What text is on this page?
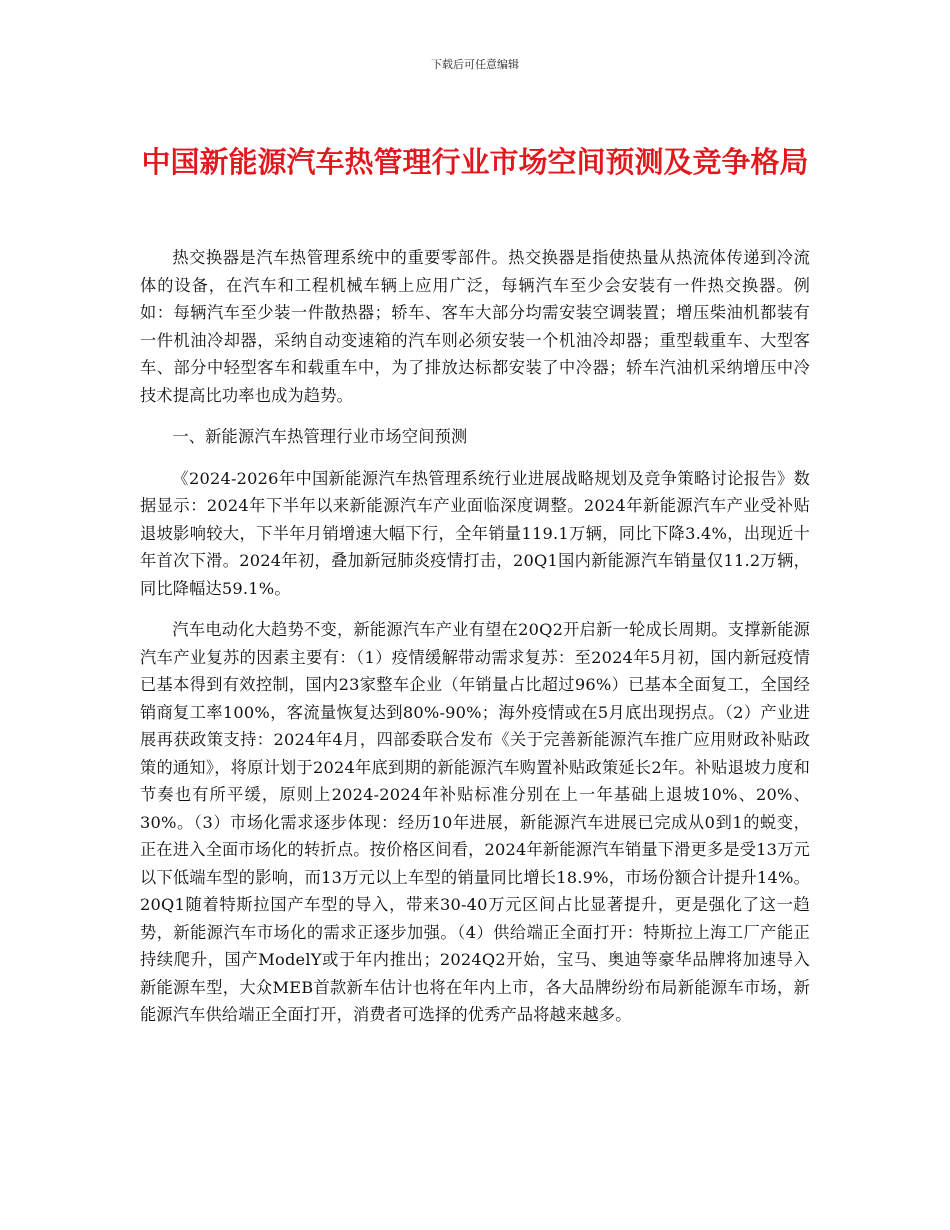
下载后可任意编辑
中国新能源汽车热管理行业市场空间预测及竞争格局

热交换器是汽车热管理系统中的重要零部件。热交换器是指使热量从热流体传递到冷流体的设备，在汽车和工程机械车辆上应用广泛，每辆汽车至少会安装有一件热交换器。例如：每辆汽车至少装一件散热器；轿车、客车大部分均需安装空调装置；增压柴油机都装有一件机油冷却器，采纳自动变速箱的汽车则必须安装一个机油冷却器；重型载重车、大型客车、部分中轻型客车和载重车中，为了排放达标都安装了中冷器；轿车汽油机采纳增压中冷技术提高比功率也成为趋势。

一、新能源汽车热管理行业市场空间预测

《2024-2026年中国新能源汽车热管理系统行业进展战略规划及竞争策略讨论报告》数据显示：2024年下半年以来新能源汽车产业面临深度调整。2024年新能源汽车产业受补贴退坡影响较大，下半年月销增速大幅下行，全年销量119.1万辆，同比下降3.4%，出现近十年首次下滑。2024年初，叠加新冠肺炎疫情打击，20Q1国内新能源汽车销量仅11.2万辆，同比降幅达59.1%。

汽车电动化大趋势不变，新能源汽车产业有望在20Q2开启新一轮成长周期。支撑新能源汽车产业复苏的因素主要有：（1）疫情缓解带动需求复苏：至2024年5月初，国内新冠疫情已基本得到有效控制，国内23家整车企业（年销量占比超过96%）已基本全面复工，全国经销商复工率100%，客流量恢复达到80%-90%；海外疫情或在5月底出现拐点。（2）产业进展再获政策支持：2024年4月，四部委联合发布《关于完善新能源汽车推广应用财政补贴政策的通知》，将原计划于2024年底到期的新能源汽车购置补贴政策延长2年。补贴退坡力度和节奏也有所平缓，原则上2024-2024年补贴标准分别在上一年基础上退坡10%、20%、30%。（3）市场化需求逐步体现：经历10年进展，新能源汽车进展已完成从0到1的蜕变，正在进入全面市场化的转折点。按价格区间看，2024年新能源汽车销量下滑更多是受13万元以下低端车型的影响，而13万元以上车型的销量同比增长18.9%，市场份额合计提升14%。20Q1随着特斯拉国产车型的导入，带来30-40万元区间占比显著提升，更是强化了这一趋势，新能源汽车市场化的需求正逐步加强。（4）供给端正全面打开：特斯拉上海工厂产能正持续爬升，国产ModelY或于年内推出；2024Q2开始，宝马、奥迪等豪华品牌将加速导入新能源车型，大众MEB首款新车估计也将在年内上市，各大品牌纷纷布局新能源车市场，新能源汽车供给端正全面打开，消费者可选择的优秀产品将越来越多。
